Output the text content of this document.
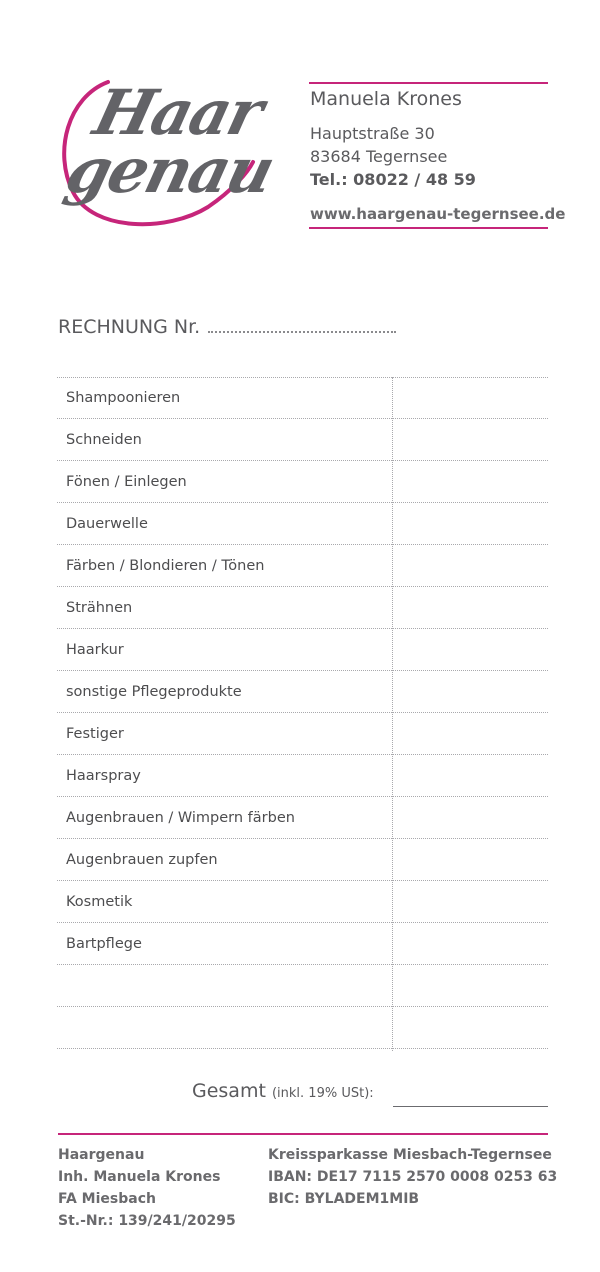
Haar
genau
Manuela Krones
Hauptstraße 30
83684 Tegernsee
Tel.: 08022 / 48 59
www.haargenau-tegernsee.de
RECHNUNG Nr.
Shampoonieren
Schneiden
Fönen / Einlegen
Dauerwelle
Färben / Blondieren / Tönen
Strähnen
Haarkur
sonstige Pflegeprodukte
Festiger
Haarspray
Augenbrauen / Wimpern färben
Augenbrauen zupfen
Kosmetik
Bartpflege
Gesamt (inkl. 19% USt):
Haargenau
Inh. Manuela Krones
FA Miesbach
St.-Nr.: 139/241/20295
Kreissparkasse Miesbach-Tegernsee
IBAN: DE17 7115 2570 0008 0253 63
BIC: BYLADEM1MIB
